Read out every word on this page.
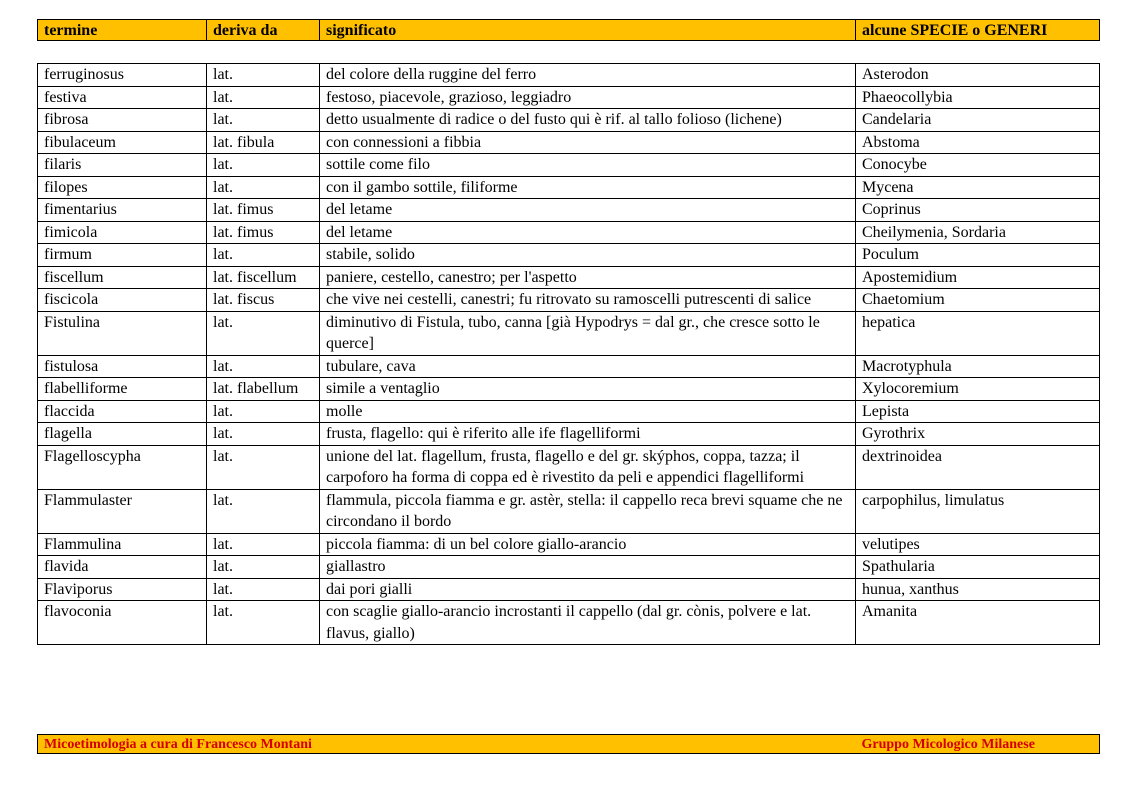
termine	deriva da	significato	alcune SPECIE o GENERI
ferruginosus	lat.	del colore della ruggine del ferro	Asterodon
festiva	lat.	festoso, piacevole, grazioso, leggiadro	Phaeocollybia
fibrosa	lat.	detto usualmente di radice o del fusto qui è rif. al tallo folioso (lichene)	Candelaria
fibulaceum	lat. fibula	con connessioni a fibbia	Abstoma
filaris	lat.	sottile come filo	Conocybe
filopes	lat.	con il gambo sottile, filiforme	Mycena
fimentarius	lat. fimus	del letame	Coprinus
fimicola	lat. fimus	del letame	Cheilymenia, Sordaria
firmum	lat.	stabile, solido	Poculum
fiscellum	lat. fiscellum	paniere, cestello, canestro; per l'aspetto	Apostemidium
fiscicola	lat. fiscus	che vive nei cestelli, canestri; fu ritrovato su ramoscelli putrescenti di salice	Chaetomium
Fistulina	lat.	diminutivo di Fistula, tubo, canna [già Hypodrys = dal gr., che cresce sotto le querce]	hepatica
fistulosa	lat.	tubulare, cava	Macrotyphula
flabelliforme	lat. flabellum	simile a ventaglio	Xylocoremium
flaccida	lat.	molle	Lepista
flagella	lat.	frusta, flagello: qui è riferito alle ife flagelliformi	Gyrothrix
Flagelloscypha	lat.	unione del lat. flagellum, frusta, flagello e del gr. skýphos, coppa, tazza; il carpoforo ha forma di coppa ed è rivestito da peli e appendici flagelliformi	dextrinoidea
Flammulaster	lat.	flammula, piccola fiamma e gr. astèr, stella: il cappello reca brevi squame che ne circondano il bordo	carpophilus, limulatus
Flammulina	lat.	piccola fiamma: di un bel colore giallo-arancio	velutipes
flavida	lat.	giallastro	Spathularia
Flaviporus	lat.	dai pori gialli	hunua, xanthus
flavoconia	lat.	con scaglie giallo-arancio incrostanti il cappello (dal gr. cònis, polvere e lat. flavus, giallo)	Amanita
Micoetimologia a cura di Francesco Montani	Gruppo Micologico Milanese
